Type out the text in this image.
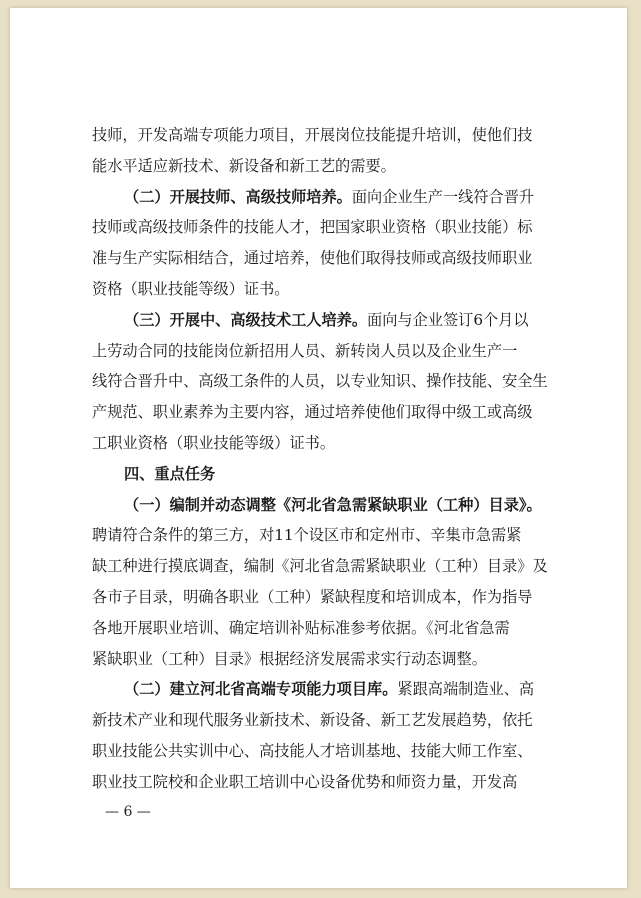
技师，开发高端专项能力项目，开展岗位技能提升培训，使他们技
能水平适应新技术、新设备和新工艺的需要。
（二）开展技师、高级技师培养。面向企业生产一线符合晋升
技师或高级技师条件的技能人才，把国家职业资格（职业技能）标
准与生产实际相结合，通过培养，使他们取得技师或高级技师职业
资格（职业技能等级）证书。
（三）开展中、高级技术工人培养。面向与企业签订6个月以
上劳动合同的技能岗位新招用人员、新转岗人员以及企业生产一
线符合晋升中、高级工条件的人员，以专业知识、操作技能、安全生
产规范、职业素养为主要内容，通过培养使他们取得中级工或高级
工职业资格（职业技能等级）证书。
四、重点任务
（一）编制并动态调整《河北省急需紧缺职业（工种）目录》。
聘请符合条件的第三方，对11个设区市和定州市、辛集市急需紧
缺工种进行摸底调查，编制《河北省急需紧缺职业（工种）目录》及
各市子目录，明确各职业（工种）紧缺程度和培训成本，作为指导
各地开展职业培训、确定培训补贴标准参考依据。《河北省急需
紧缺职业（工种）目录》根据经济发展需求实行动态调整。
（二）建立河北省高端专项能力项目库。紧跟高端制造业、高
新技术产业和现代服务业新技术、新设备、新工艺发展趋势，依托
职业技能公共实训中心、高技能人才培训基地、技能大师工作室、
职业技工院校和企业职工培训中心设备优势和师资力量，开发高
— 6 —
